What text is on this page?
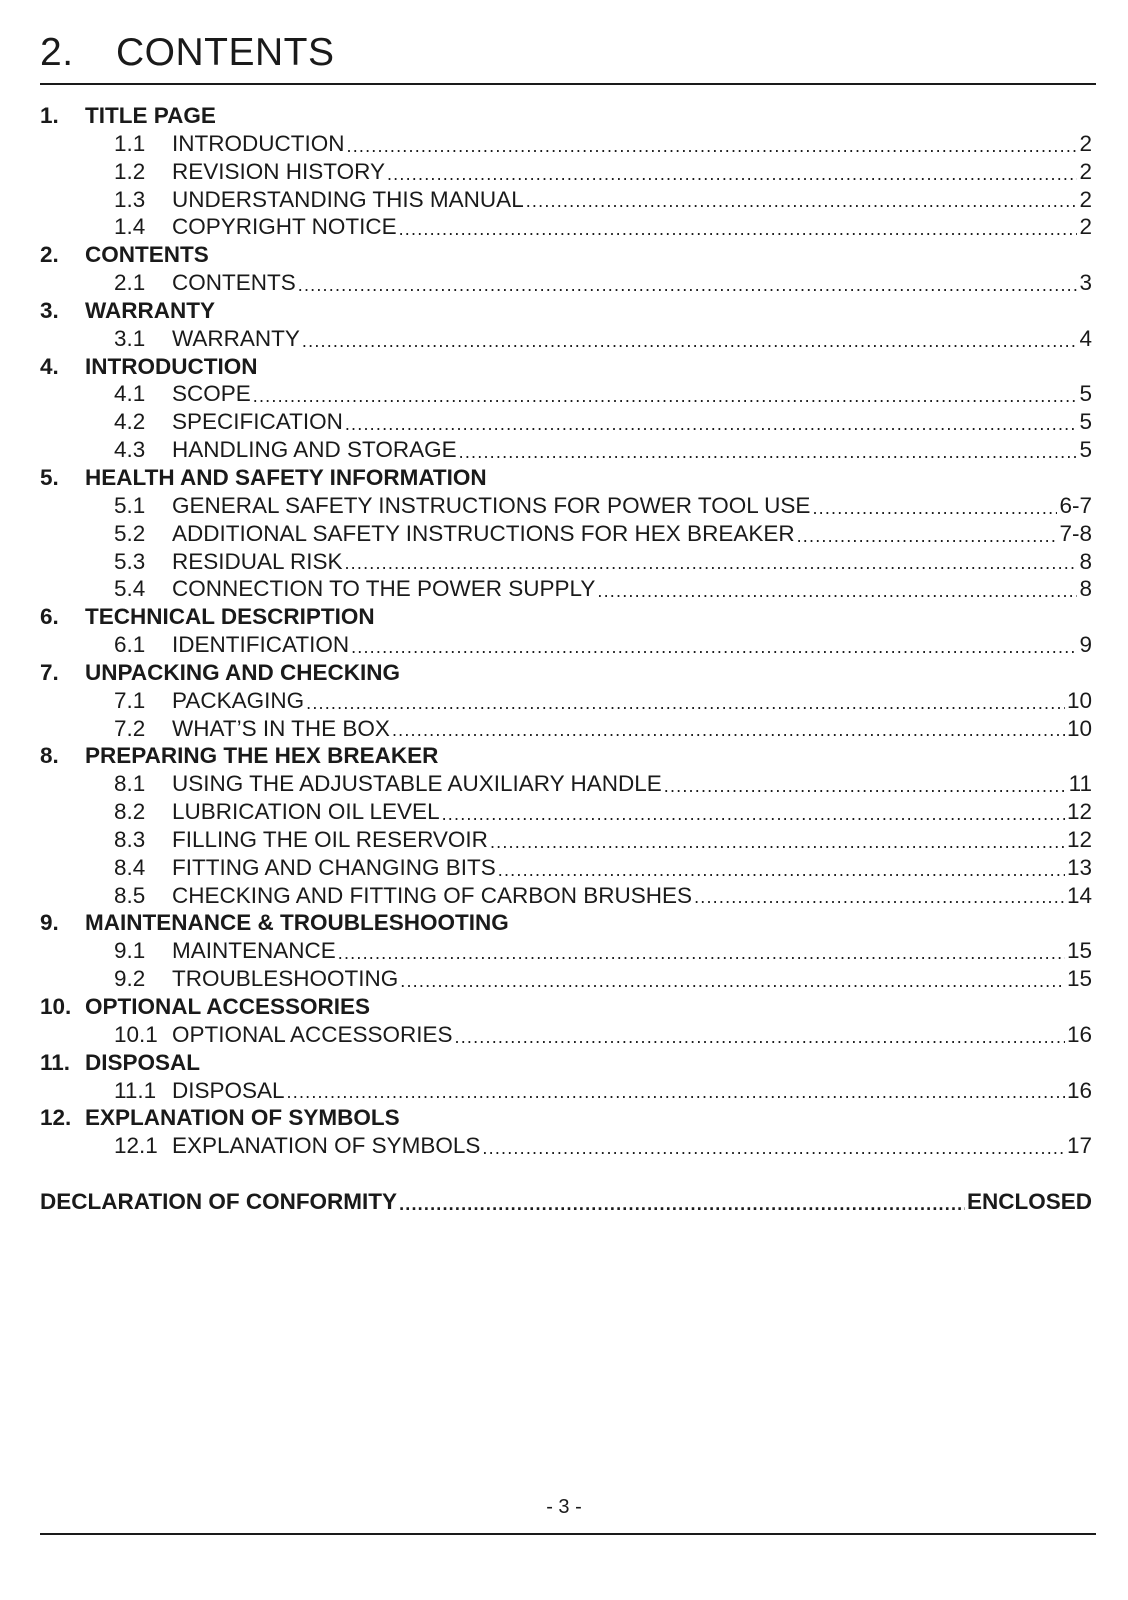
2. CONTENTS
1.	TITLE PAGE
1.1	INTRODUCTION .....	2
1.2	REVISION HISTORY .....	2
1.3	UNDERSTANDING THIS MANUAL .....	2
1.4	COPYRIGHT NOTICE .....	2
2.	CONTENTS
2.1	CONTENTS .....	3
3.	WARRANTY
3.1	WARRANTY .....	4
4.	INTRODUCTION
4.1	SCOPE .....	5
4.2	SPECIFICATION .....	5
4.3	HANDLING AND STORAGE .....	5
5.	HEALTH AND SAFETY INFORMATION
5.1	GENERAL SAFETY INSTRUCTIONS FOR POWER TOOL USE .....	6-7
5.2	ADDITIONAL SAFETY INSTRUCTIONS FOR HEX BREAKER .....	7-8
5.3	RESIDUAL RISK .....	8
5.4	CONNECTION TO THE POWER SUPPLY .....	8
6.	TECHNICAL DESCRIPTION
6.1	IDENTIFICATION .....	9
7.	UNPACKING AND CHECKING
7.1	PACKAGING .....	10
7.2	WHAT’S IN THE BOX .....	10
8.	PREPARING THE HEX BREAKER
8.1	USING THE ADJUSTABLE AUXILIARY HANDLE .....	11
8.2	LUBRICATION OIL LEVEL .....	12
8.3	FILLING THE OIL RESERVOIR .....	12
8.4	FITTING AND CHANGING BITS .....	13
8.5	CHECKING AND FITTING OF CARBON BRUSHES .....	14
9.	MAINTENANCE & TROUBLESHOOTING
9.1	MAINTENANCE .....	15
9.2	TROUBLESHOOTING .....	15
10. OPTIONAL ACCESSORIES
10.1 OPTIONAL ACCESSORIES .....	16
11. DISPOSAL
11.1 DISPOSAL .....	16
12. EXPLANATION OF SYMBOLS
12.1 EXPLANATION OF SYMBOLS .....	17
DECLARATION OF CONFORMITY .....	ENCLOSED
- 3 -
